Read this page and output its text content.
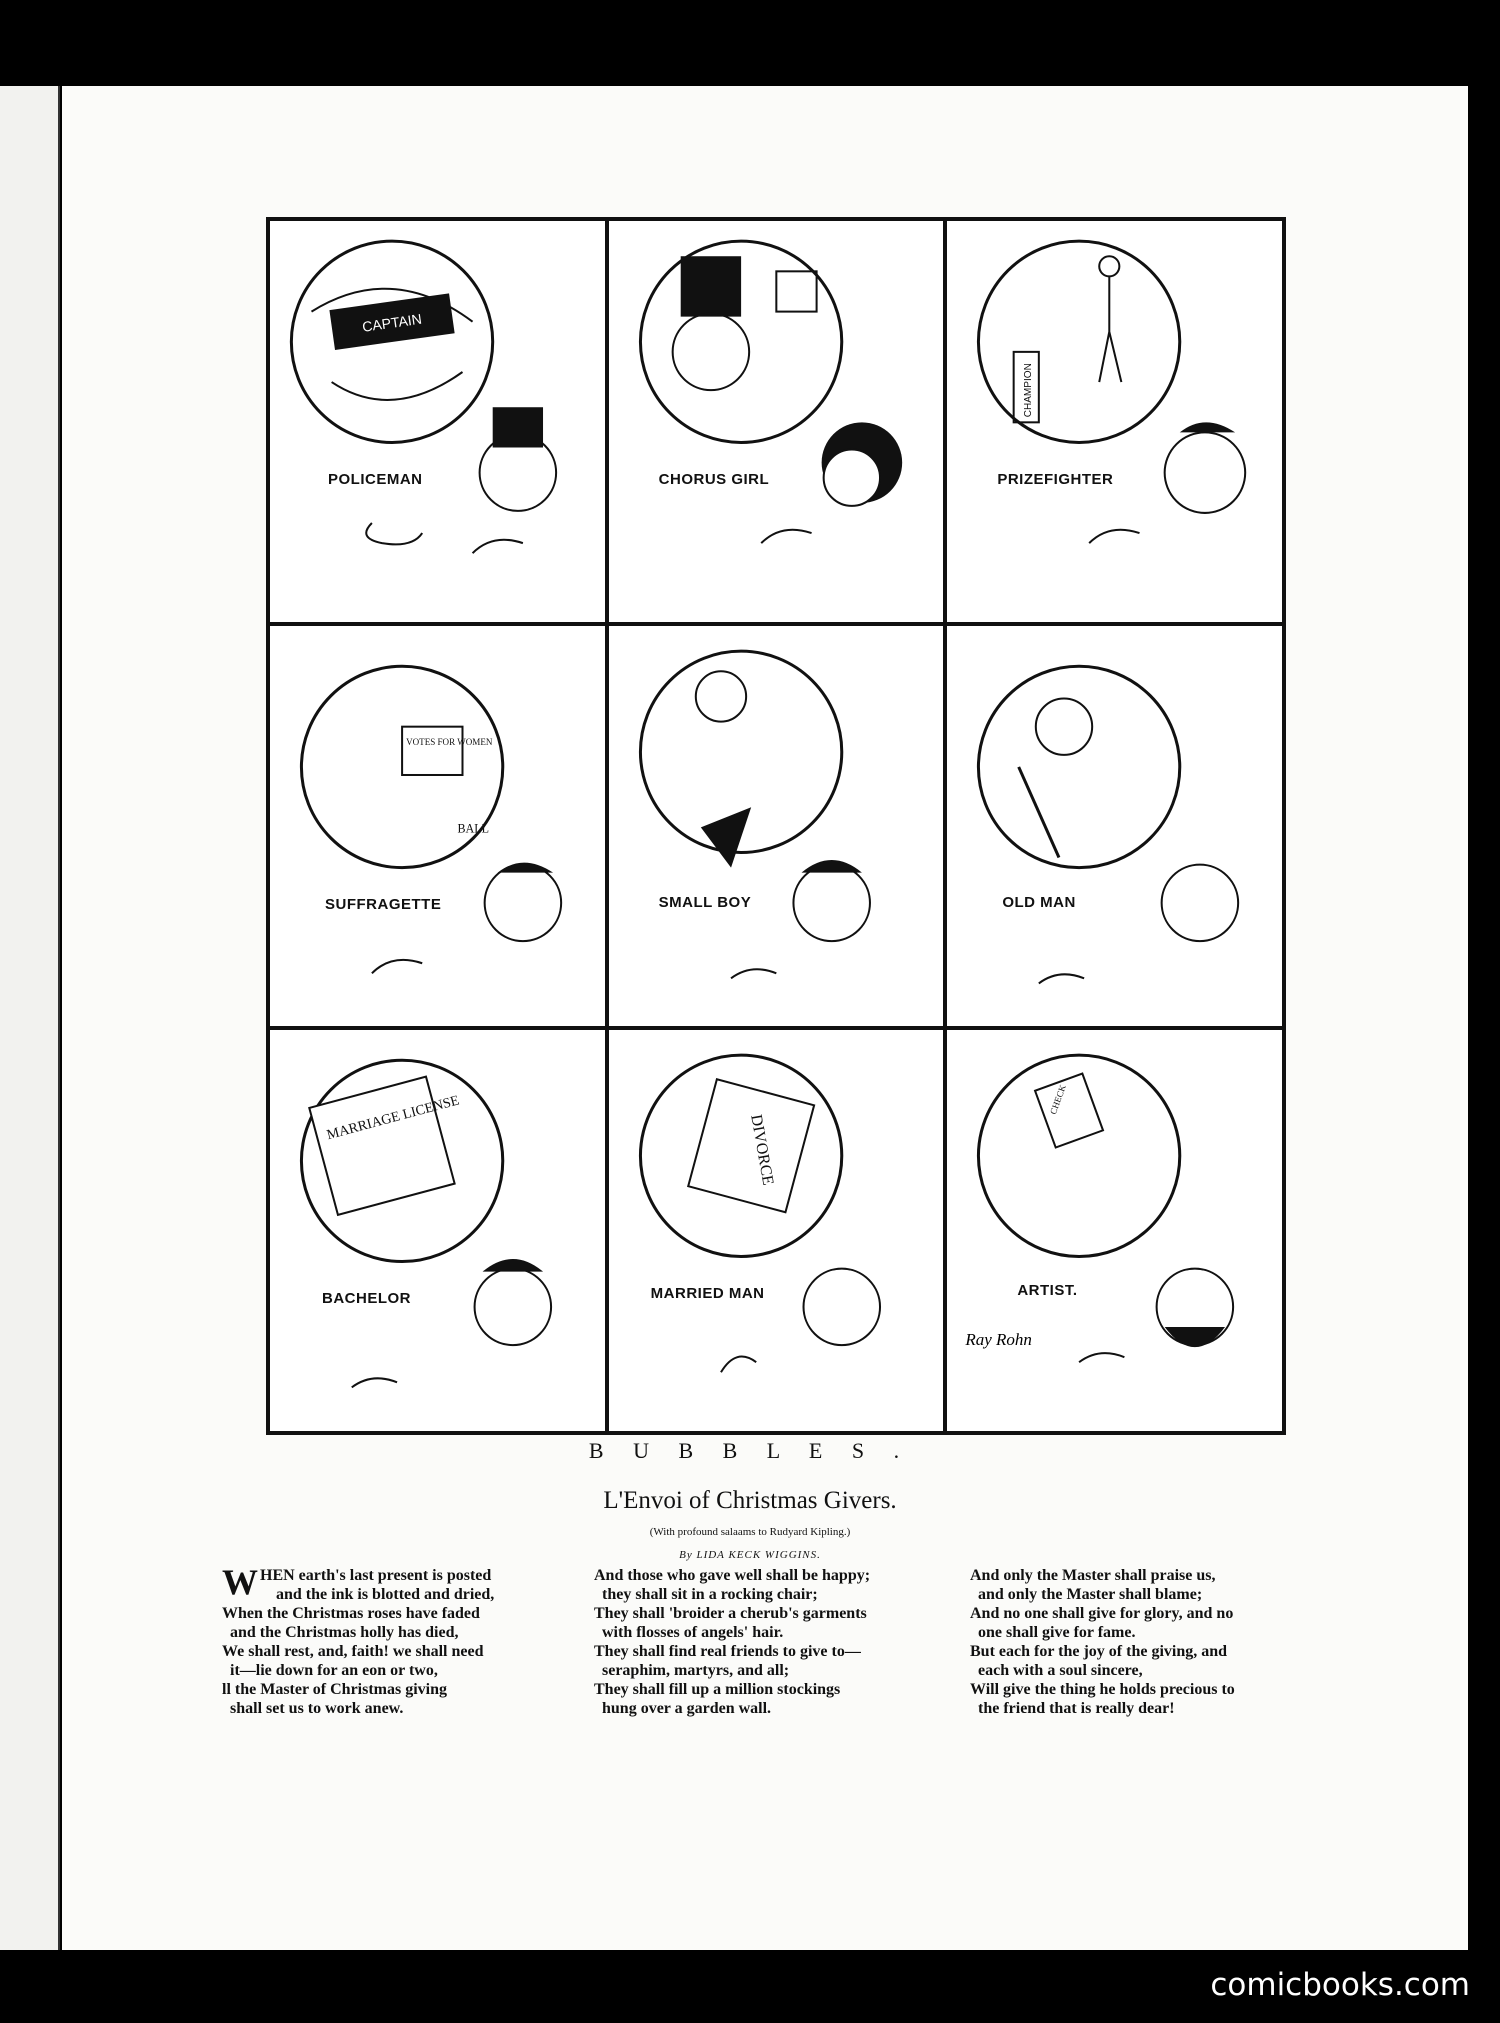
CAPTAIN
POLICEMAN	CHORUS GIRL
CHAMPION
PRIZEFIGHTER
VOTES FOR WOMEN
BALL
SUFFRAGETTE	SMALL BOY	OLD MAN
MARRIAGE LICENSE
BACHELOR
DIVORCE
MARRIED MAN
CHECK
ARTIST.
Ray Rohn
B U B B L E S .
L'Envoi of Christmas Givers.
(With profound salaams to Rudyard Kipling.)
By LIDA KECK WIGGINS.
W HEN earth's last present is posted
and the ink is blotted and dried,
When the Christmas roses have faded
and the Christmas holly has died,
We shall rest, and, faith! we shall need
it—lie down for an eon or two,
ll the Master of Christmas giving
shall set us to work anew.
And those who gave well shall be happy;
they shall sit in a rocking chair;
They shall 'broider a cherub's garments
with flosses of angels' hair.
They shall find real friends to give to—
seraphim, martyrs, and all;
They shall fill up a million stockings
hung over a garden wall.
And only the Master shall praise us,
and only the Master shall blame;
And no one shall give for glory, and no
one shall give for fame.
But each for the joy of the giving, and
each with a soul sincere,
Will give the thing he holds precious to
the friend that is really dear!
comicbooks.com
